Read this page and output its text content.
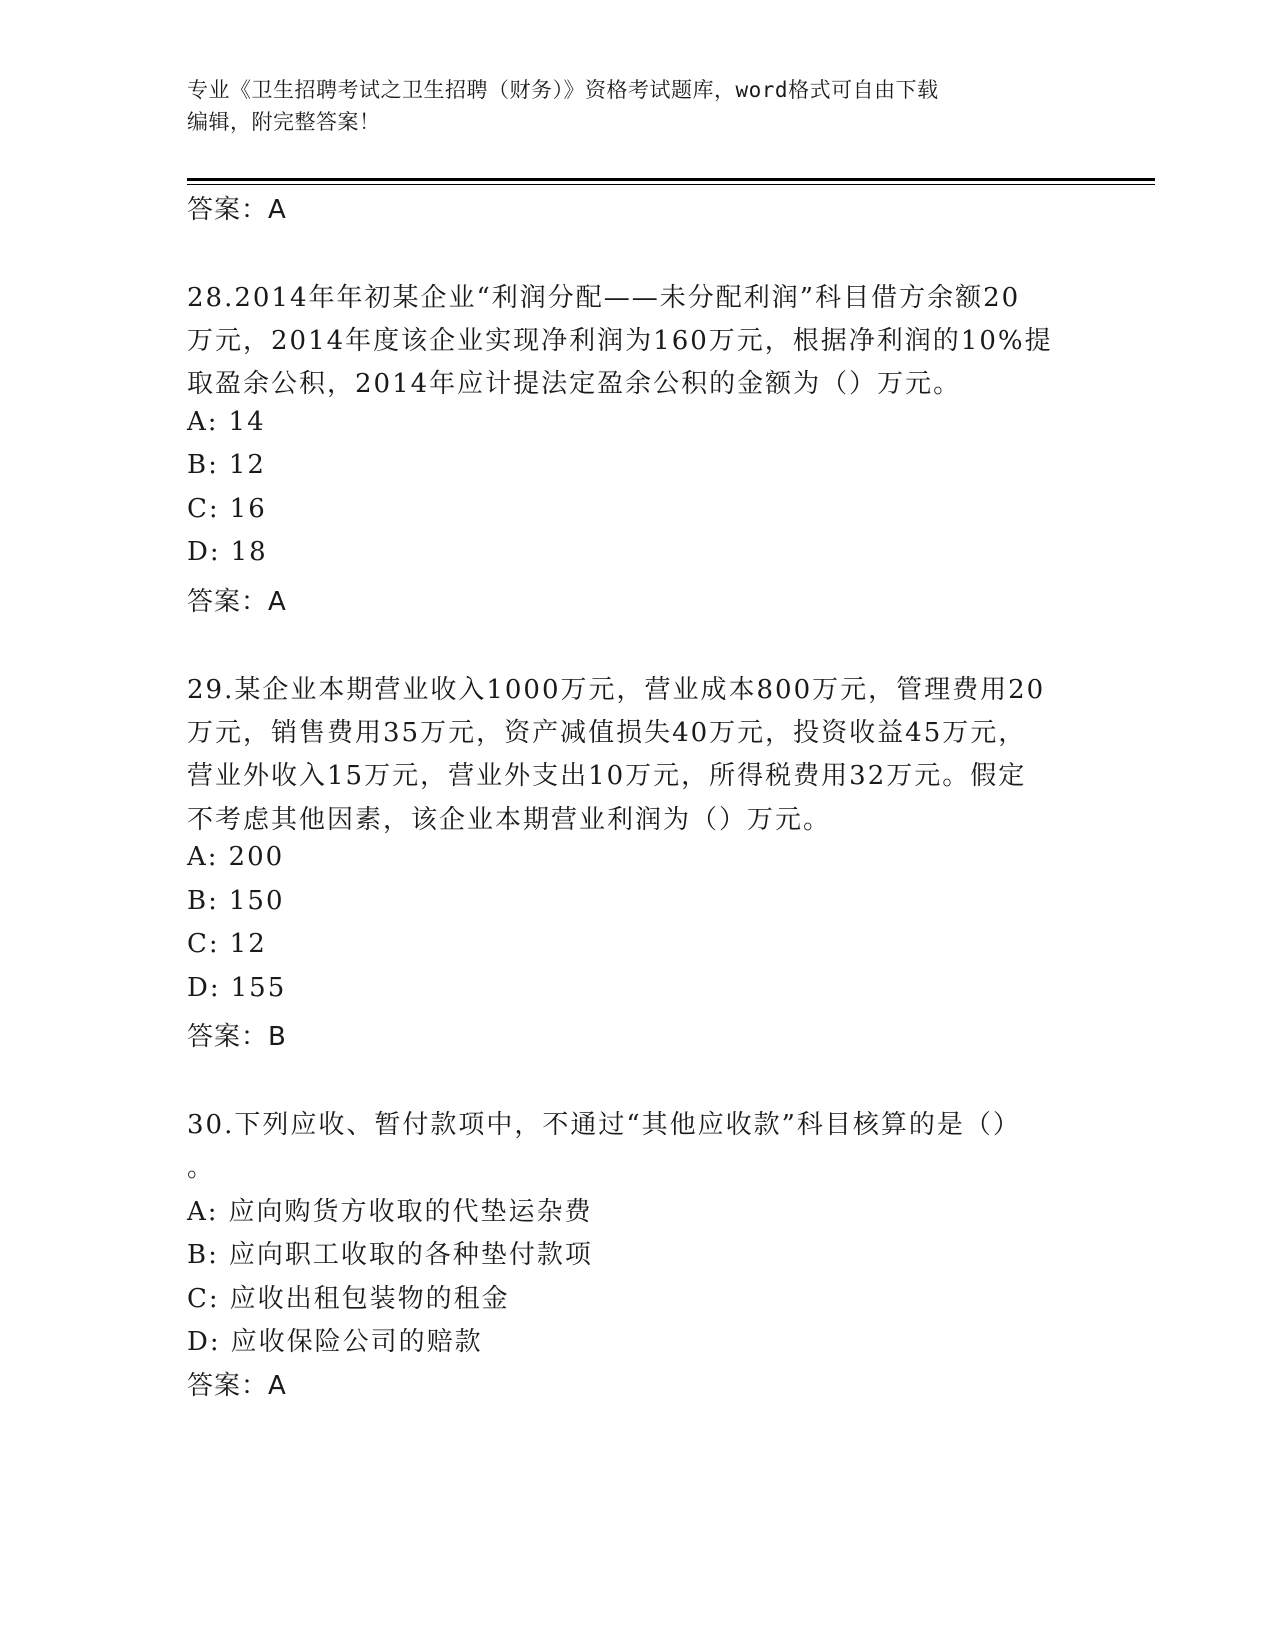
专业《卫生招聘考试之卫生招聘（财务）》资格考试题库，word格式可自由下载
编辑，附完整答案！
答案：A
28.2014年年初某企业“利润分配——未分配利润”科目借方余额20
万元，2014年度该企业实现净利润为160万元，根据净利润的10%提
取盈余公积，2014年应计提法定盈余公积的金额为（）万元。
A: 14
B: 12
C: 16
D: 18
答案：A
29.某企业本期营业收入1000万元，营业成本800万元，管理费用20
万元，销售费用35万元，资产减值损失40万元，投资收益45万元，
营业外收入15万元，营业外支出10万元，所得税费用32万元。假定
不考虑其他因素，该企业本期营业利润为（）万元。
A: 200
B: 150
C: 12
D: 155
答案：B
30.下列应收、暂付款项中，不通过“其他应收款”科目核算的是（）
。
A: 应向购货方收取的代垫运杂费
B: 应向职工收取的各种垫付款项
C: 应收出租包装物的租金
D: 应收保险公司的赔款
答案：A
